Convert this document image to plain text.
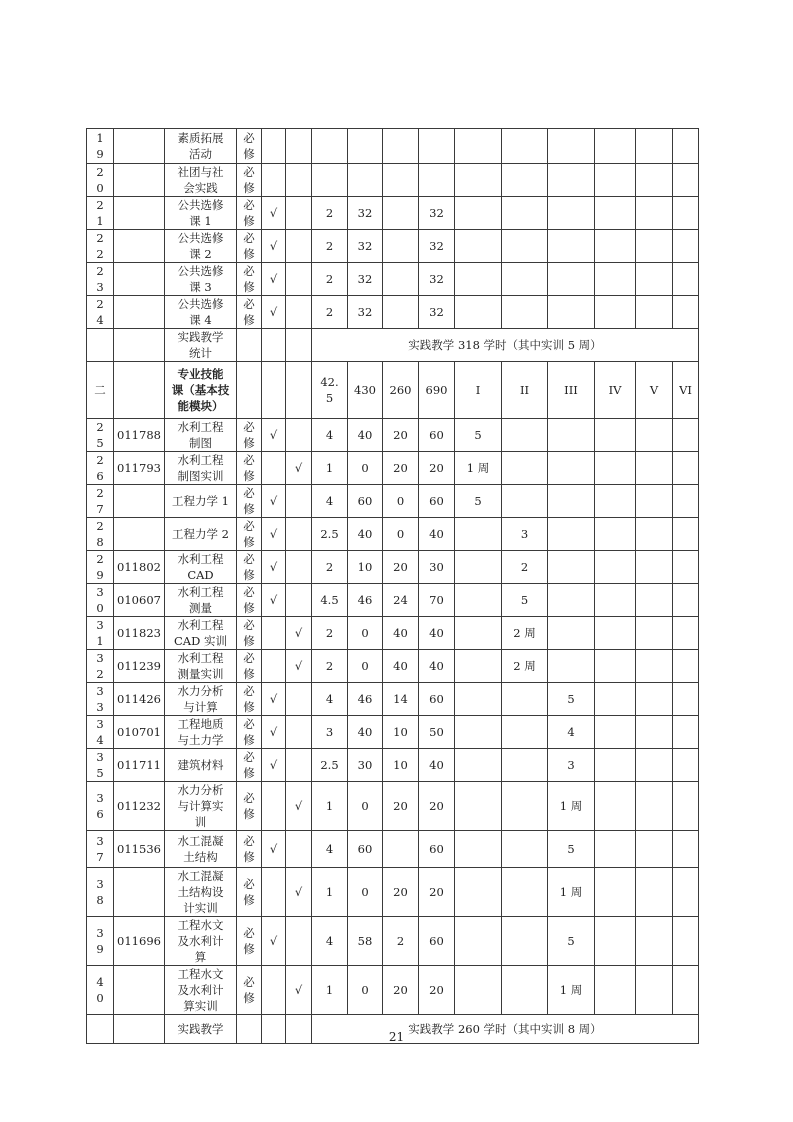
1
9		素质拓展
活动	必
修												

2
0		社团与社
会实践	必
修												

2
1		公共选修
课 1	必
修	√		2	32		32						

2
2		公共选修
课 2	必
修	√		2	32		32						

2
3		公共选修
课 3	必
修	√		2	32		32						

2
4		公共选修
课 4	必
修	√		2	32		32						

		实践教学
统计				实践教学 318 学时（其中实训 5 周）									
二		专业技能
课（基本技
能模块）				42.
5	430	260	690	I	II	III	IV	V	VI

2
5	011788	水利工程
制图	必
修	√		4	40	20	60	5					

2
6	011793	水利工程
制图实训	必
修		√	1	0	20	20	1 周					

2
7		工程力学 1	必
修	√		4	60	0	60	5					

2
8		工程力学 2	必
修	√		2.5	40	0	40		3				

2
9	011802	水利工程
CAD	必
修	√		2	10	20	30		2				

3
0	010607	水利工程
测量	必
修	√		4.5	46	24	70		5				

3
1	011823	水利工程
CAD 实训	必
修		√	2	0	40	40		2 周				

3
2	011239	水利工程
测量实训	必
修		√	2	0	40	40		2 周				

3
3	011426	水力分析
与计算	必
修	√		4	46	14	60			5			

3
4	010701	工程地质
与土力学	必
修	√		3	40	10	50			4			

3
5	011711	建筑材料	必
修	√		2.5	30	10	40			3			

3
6	011232	水力分析
与计算实
训	必
修		√	1	0	20	20			1 周			

3
7	011536	水工混凝
土结构	必
修	√		4	60		60			5			

3
8		水工混凝
土结构设
计实训	必
修		√	1	0	20	20			1 周			

3
9	011696	工程水文
及水利计
算	必
修	√		4	58	2	60			5			

4
0		工程水文
及水利计
算实训	必
修		√	1	0	20	20			1 周			
		实践教学				实践教学 260 学时（其中实训 8 周）									
21
